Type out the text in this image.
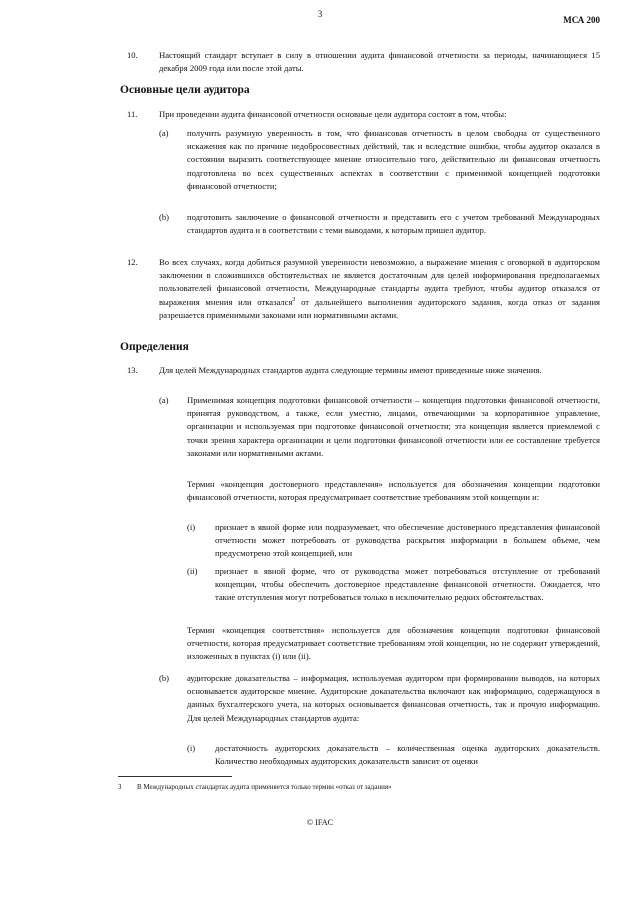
3
МСА 200
10. Настоящий стандарт вступает в силу в отношении аудита финансовой отчетности за периоды, начинающиеся 15 декабря 2009 года или после этой даты.
Основные цели аудитора
11.	При проведении аудита финансовой отчетности основные цели аудитора состоят в том, чтобы:
(a) получить разумную уверенность в том, что финансовая отчетность в целом свободна от существенного искажения как по причине недобросовестных действий, так и вследствие ошибки, чтобы аудитор оказался в состоянии выразить соответствующее мнение относительно того, действительно ли финансовая отчетность подготовлена во всех существенных аспектах в соответствии с применимой концепцией подготовки финансовой отчетности;
(b) подготовить заключение о финансовой отчетности и представить его с учетом требований Международных стандартов аудита и в соответствии с теми выводами, к которым пришел аудитор.
12. Во всех случаях, когда добиться разумной уверенности невозможно, а выражение мнения с оговоркой в аудиторском заключении в сложившихся обстоятельствах не является достаточным для целей информирования предполагаемых пользователей финансовой отчетности, Международные стандарты аудита требуют, чтобы аудитор отказался от выражения мнения или отказался$^3$ от дальнейшего выполнения аудиторского задания, когда отказ от задания разрешается применимыми законами или нормативными актами.
Определения
13. Для целей Международных стандартов аудита следующие термины имеют приведенные ниже значения.
(a) Применимая концепция подготовки финансовой отчетности – концепция подготовки финансовой отчетности, принятая руководством, а также, если уместно, лицами, отвечающими за корпоративное управление, организации и используемая при подготовке финансовой отчетности; эта концепция является приемлемой с точки зрения характера организации и цели подготовки финансовой отчетности или ее составление требуется законами или нормативными актами.
Термин «концепция достоверного представления» используется для обозначения концепции подготовки финансовой отчетности, которая предусматривает соответствие требованиям этой концепции и:
(i) признает в явной форме или подразумевает, что обеспечение достоверного представления финансовой отчетности может потребовать от руководства раскрытия информации в большем объеме, чем предусмотрено этой концепцией, или
(ii) признает в явной форме, что от руководства может потребоваться отступление от требований концепции, чтобы обеспечить достоверное представление финансовой отчетности. Ожидается, что такие отступления могут потребоваться только в исключительно редких обстоятельствах.
Термин «концепция соответствия» используется для обозначения концепции подготовки финансовой отчетности, которая предусматривает соответствие требованиям этой концепции, но не содержит утверждений, изложенных в пунктах (i) или (ii).
(b) аудиторские доказательства – информация, используемая аудитором при формировании выводов, на которых основывается аудиторское мнение. Аудиторские доказательства включают как информацию, содержащуюся в данных бухгалтерского учета, на которых основывается финансовая отчетность, так и прочую информацию. Для целей Международных стандартов аудита:
(i) достаточность аудиторских доказательств – количественная оценка аудиторских доказательств. Количество необходимых аудиторских доказательств зависит от оценки
3 В Международных стандартах аудита применяется только термин «отказ от задания»
© IFAC
